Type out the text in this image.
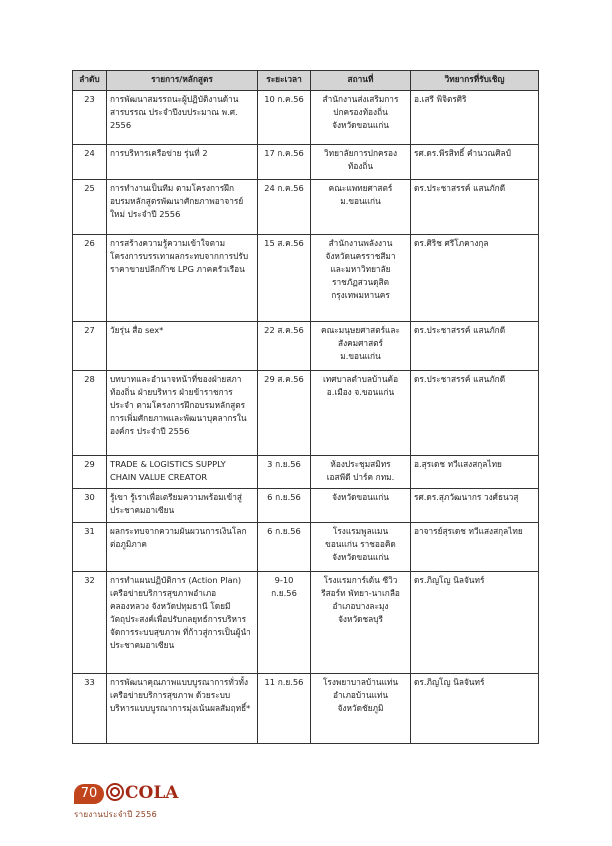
ลำดับ	รายการ/หลักสูตร	ระยะเวลา	สถานที่	วิทยากรที่รับเชิญ
23	การพัฒนาสมรรถนะผู้ปฏิบัติงานด้านสารบรรณ ประจำปีงบประมาณ พ.ศ. 2556	10 ก.ค.56	สำนักงานส่งเสริมการปกครองท้องถิ่น
จังหวัดขอนแก่น	อ.เสรี พิจิตรศิริ
24	การบริหารเครือข่าย รุ่นที่ 2	17 ก.ค.56	วิทยาลัยการปกครอง
ท้องถิ่น	รศ.ดร.พีรสิทธิ์ คำนวณศิลป์
25	การทำงานเป็นทีม ตามโครงการฝึกอบรมหลักสูตรพัฒนาศักยภาพอาจารย์ใหม่ ประจำปี 2556	24 ก.ค.56	คณะแพทยศาสตร์
ม.ขอนแก่น	ดร.ประชาสรรค์ แสนภักดี
26	การสร้างความรู้ความเข้าใจตามโครงการบรรเทาผลกระทบจากการปรับราคาขายปลีกก๊าซ LPG ภาคครัวเรือน	15 ส.ค.56	สำนักงานพลังงาน
จังหวัดนครราชสีมา
และมหาวิทยาลัย
ราชภัฏสวนดุสิต
กรุงเทพมหานคร	ดร.ศิริช ศรีโภคางกุล
27	วัยรุ่น สื่อ sex*	22 ส.ค.56	คณะมนุษยศาสตร์และ
สังคมศาสตร์
ม.ขอนแก่น	ดร.ประชาสรรค์ แสนภักดี
28	บทบาทและอำนาจหน้าที่ของฝ่ายสภาท้องถิ่น ฝ่ายบริหาร ฝ่ายข้าราชการประจำ ตามโครงการฝึกอบรมหลักสูตรการเพิ่มศักยภาพและพัฒนาบุคลากรในองค์กร ประจำปี 2556	29 ส.ค.56	เทศบาลตำบลบ้านค้อ
อ.เมือง จ.ขอนแก่น	ดร.ประชาสรรค์ แสนภักดี
29	TRADE & LOGISTICS SUPPLY CHAIN VALUE CREATOR	3 ก.ย.56	ห้องประชุมสมิทร
เอสพีดี ปาร์ค กทม.	อ.สุรเดช ทวีแสงสกุลไทย
30	รู้เขา รู้เราเพื่อเตรียมความพร้อมเข้าสู่ประชาคมอาเซียน	6 ก.ย.56	จังหวัดขอนแก่น	รศ.ดร.สุภวัฒนากร วงศ์ธนวสุ
31	ผลกระทบจากความผันผวนการเงินโลกต่อภูมิภาค	6 ก.ย.56	โรงแรมพูลแมน
ขอนแก่น ราชออคิด
จังหวัดขอนแก่น	อาจารย์สุรเดช ทวีแสงสกุลไทย
32	การทำแผนปฏิบัติการ (Action Plan) เครือข่ายบริการสุขภาพอำเภอคลองหลวง จังหวัดปทุมธานี โดยมีวัตถุประสงค์เพื่อปรับกลยุทธ์การบริหารจัดการระบบสุขภาพ ที่ก้าวสู่การเป็นผู้นำประชาคมอาเซียน	9-10
ก.ย.56	โรงแรมการ์เด้น ซีวิว
รีสอร์ท พัทยา-นาเกลือ
อำเภอบางละมุง
จังหวัดชลบุรี	ดร.ภิญโญ นิลจันทร์
33	การพัฒนาคุณภาพแบบบูรณาการทั่วทั้งเครือข่ายบริการสุขภาพ ด้วยระบบบริหารแบบบูรณาการมุ่งเน้นผลสัมฤทธิ์*	11 ก.ย.56	โรงพยาบาลบ้านแท่น
อำเภอบ้านแท่น
จังหวัดชัยภูมิ	ดร.ภิญโญ นิลจันทร์
70	COLA
รายงานประจำปี 2556
